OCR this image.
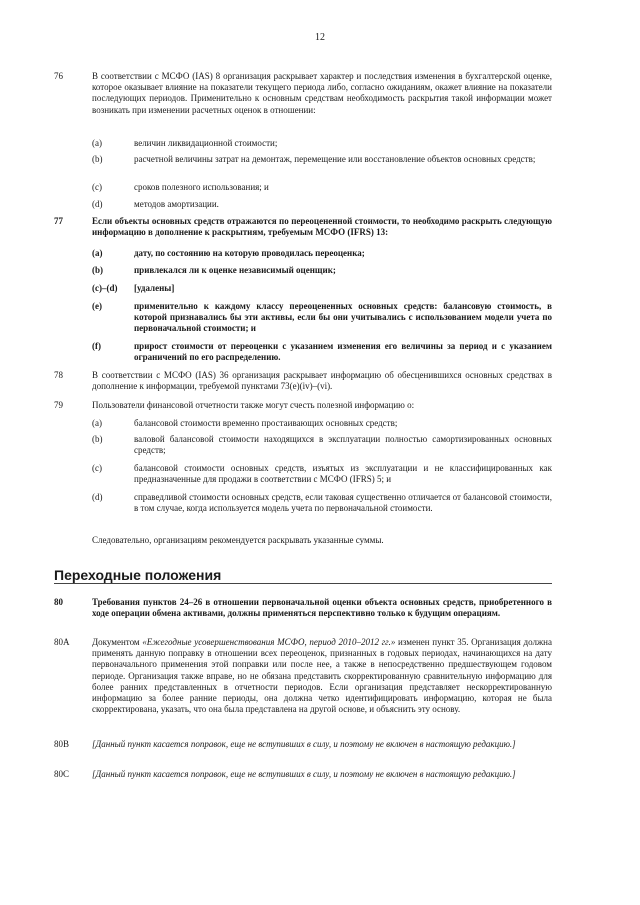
12
76	В соответствии с МСФО (IAS) 8 организация раскрывает характер и последствия изменения в бухгалтерской оценке, которое оказывает влияние на показатели текущего периода либо, согласно ожиданиям, окажет влияние на показатели последующих периодов. Применительно к основным средствам необходимость раскрытия такой информации может возникать при изменении расчетных оценок в отношении:
(a)	величин ликвидационной стоимости;
(b)	расчетной величины затрат на демонтаж, перемещение или восстановление объектов основных средств;
(c)	сроков полезного использования; и
(d)	методов амортизации.
77	Если объекты основных средств отражаются по переоцененной стоимости, то необходимо раскрыть следующую информацию в дополнение к раскрытиям, требуемым МСФО (IFRS) 13:
(a)	дату, по состоянию на которую проводилась переоценка;
(b)	привлекался ли к оценке независимый оценщик;
(c)–(d)	[удалены]
(e)	применительно к каждому классу переоцененных основных средств: балансовую стоимость, в которой признавались бы эти активы, если бы они учитывались с использованием модели учета по первоначальной стоимости; и
(f)	прирост стоимости от переоценки с указанием изменения его величины за период и с указанием ограничений по его распределению.
78	В соответствии с МСФО (IAS) 36 организация раскрывает информацию об обесценившихся основных средствах в дополнение к информации, требуемой пунктами 73(e)(iv)–(vi).
79	Пользователи финансовой отчетности также могут счесть полезной информацию о:
(a)	балансовой стоимости временно простаивающих основных средств;
(b)	валовой балансовой стоимости находящихся в эксплуатации полностью самортизированных основных средств;
(c)	балансовой стоимости основных средств, изъятых из эксплуатации и не классифицированных как предназначенные для продажи в соответствии с МСФО (IFRS) 5; и
(d)	справедливой стоимости основных средств, если таковая существенно отличается от балансовой стоимости, в том случае, когда используется модель учета по первоначальной стоимости.
Следовательно, организациям рекомендуется раскрывать указанные суммы.
Переходные положения
80	Требования пунктов 24–26 в отношении первоначальной оценки объекта основных средств, приобретенного в ходе операции обмена активами, должны применяться перспективно только к будущим операциям.
80A	Документом «Ежегодные усовершенствования МСФО, период 2010–2012 гг.» изменен пункт 35. Организация должна применять данную поправку в отношении всех переоценок, признанных в годовых периодах, начинающихся на дату первоначального применения этой поправки или после нее, а также в непосредственно предшествующем годовом периоде. Организация также вправе, но не обязана представить скорректированную сравнительную информацию для более ранних представленных в отчетности периодов. Если организация представляет нескорректированную информацию за более ранние периоды, она должна четко идентифицировать информацию, которая не была скорректирована, указать, что она была представлена на другой основе, и объяснить эту основу.
80B	[Данный пункт касается поправок, еще не вступивших в силу, и поэтому не включен в настоящую редакцию.]
80C	[Данный пункт касается поправок, еще не вступивших в силу, и поэтому не включен в настоящую редакцию.]
